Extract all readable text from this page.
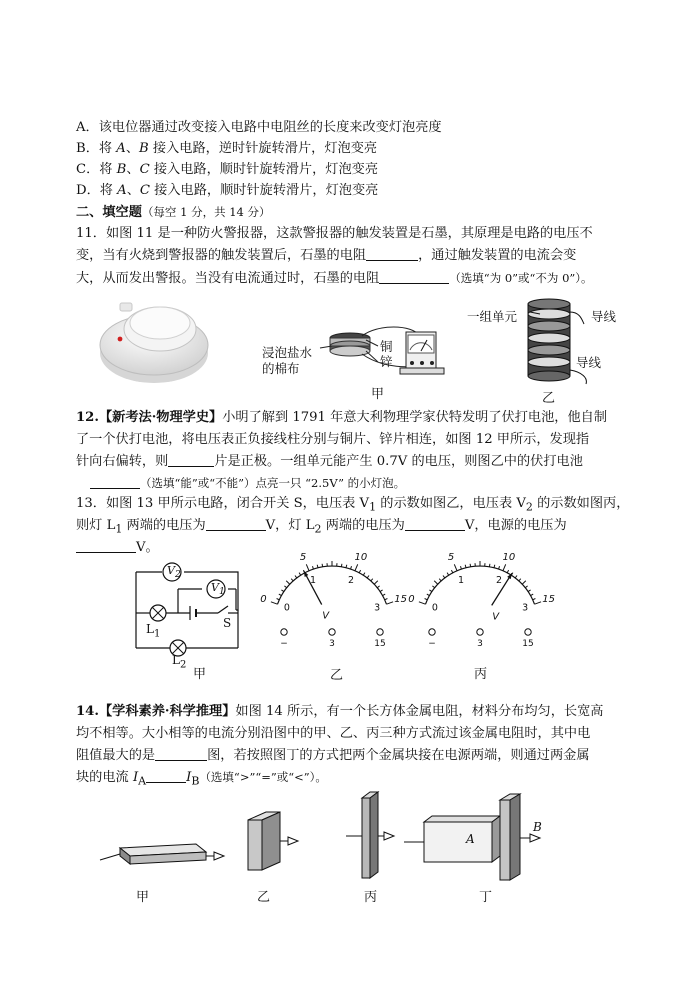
A．该电位器通过改变接入电路中电阻丝的长度来改变灯泡亮度
B．将 A、B 接入电路，逆时针旋转滑片，灯泡变亮
C．将 B、C 接入电路，顺时针旋转滑片，灯泡变亮
D．将 A、C 接入电路，顺时针旋转滑片，灯泡变亮
二、填空题（每空 1 分，共 14 分）
11．如图 11 是一种防火警报器，这款警报器的触发装置是石墨，其原理是电路的电压不
变，当有火烧到警报器的触发装置后，石墨的电阻	，通过触发装置的电流会变
大，从而发出警报。当没有电流通过时，石墨的电阻	（选填“为 0”或“不为 0”）。
浸泡盐水
的棉布
铜
锌
甲
一组单元	导线
导线
乙
12.【新考法·物理学史】小明了解到 1791 年意大利物理学家伏特发明了伏打电池，他自制
了一个伏打电池，将电压表正负接线柱分别与铜片、锌片相连，如图 12 甲所示，发现指
针向右偏转，则	片是正极。一组单元能产生 0.7V 的电压，则图乙中的伏打电池
（选填“能”或“不能”）点亮一只 “2.5V” 的小灯泡。
13．如图 13 甲所示电路，闭合开关 S，电压表 $V_1$ 的示数如图乙，电压表 $V_2$ 的示数如图丙，
则灯 $L_1$ 两端的电压为	V，灯 $L_2$ 两端的电压为	V，电源的电压为
V。
$V_2$
$V_1$
S
$L_1$
$L_2$
甲
0
5	10
15
0
1	2
3
V
−	3	15
0
5	10
15
0
1	2
3
V
−	3	15
乙	丙
14.【学科素养·科学推理】如图 14 所示，有一个长方体金属电阻，材料分布均匀，长宽高
均不相等。大小相等的电流分别沿图中的甲、乙、丙三种方式流过该金属电阻时，其中电
阻值最大的是	图，若按照图丁的方式把两个金属块接在电源两端，则通过两金属
块的电流 $I_A$	$I_B$（选填“>”“=”或“<”）。
甲	乙	丙
A
B
丁
